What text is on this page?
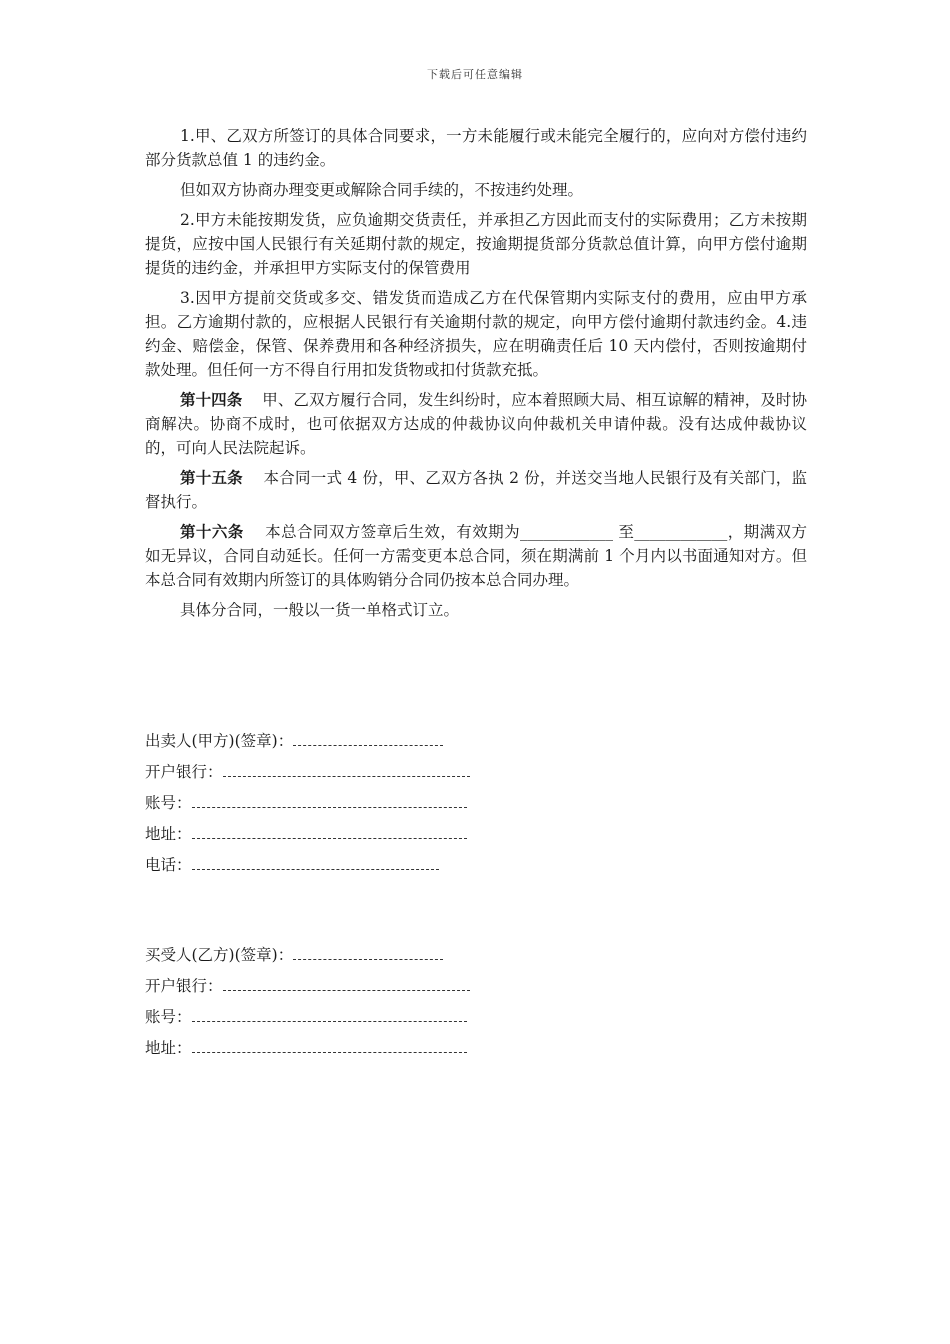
下载后可任意编辑

1.甲、乙双方所签订的具体合同要求，一方未能履行或未能完全履行的，应向对方偿付违约部分货款总值 1 的违约金。

但如双方协商办理变更或解除合同手续的，不按违约处理。

2.甲方未能按期发货，应负逾期交货责任，并承担乙方因此而支付的实际费用；乙方未按期提货，应按中国人民银行有关延期付款的规定，按逾期提货部分货款总值计算，向甲方偿付逾期提货的违约金，并承担甲方实际支付的保管费用

3.因甲方提前交货或多交、错发货而造成乙方在代保管期内实际支付的费用，应由甲方承担。乙方逾期付款的，应根据人民银行有关逾期付款的规定，向甲方偿付逾期付款违约金。4.违约金、赔偿金，保管、保养费用和各种经济损失，应在明确责任后 10 天内偿付，否则按逾期付款处理。但任何一方不得自行用扣发货物或扣付货款充抵。

第十四条 甲、乙双方履行合同，发生纠纷时，应本着照顾大局、相互谅解的精神，及时协商解决。协商不成时，也可依据双方达成的仲裁协议向仲裁机关申请仲裁。没有达成仲裁协议的，可向人民法院起诉。

第十五条 本合同一式 4 份，甲、乙双方各执 2 份，并送交当地人民银行及有关部门，监督执行。

第十六条 本总合同双方签章后生效，有效期为____________ 至____________，期满双方如无异议，合同自动延长。任何一方需变更本总合同，须在期满前 1 个月内以书面通知对方。但本总合同有效期内所签订的具体购销分合同仍按本总合同办理。

具体分合同，一般以一货一单格式订立。

出卖人(甲方)(签章)：
开户银行：
账号：
地址：
电话：
买受人(乙方)(签章)：
开户银行：
账号：
地址：
